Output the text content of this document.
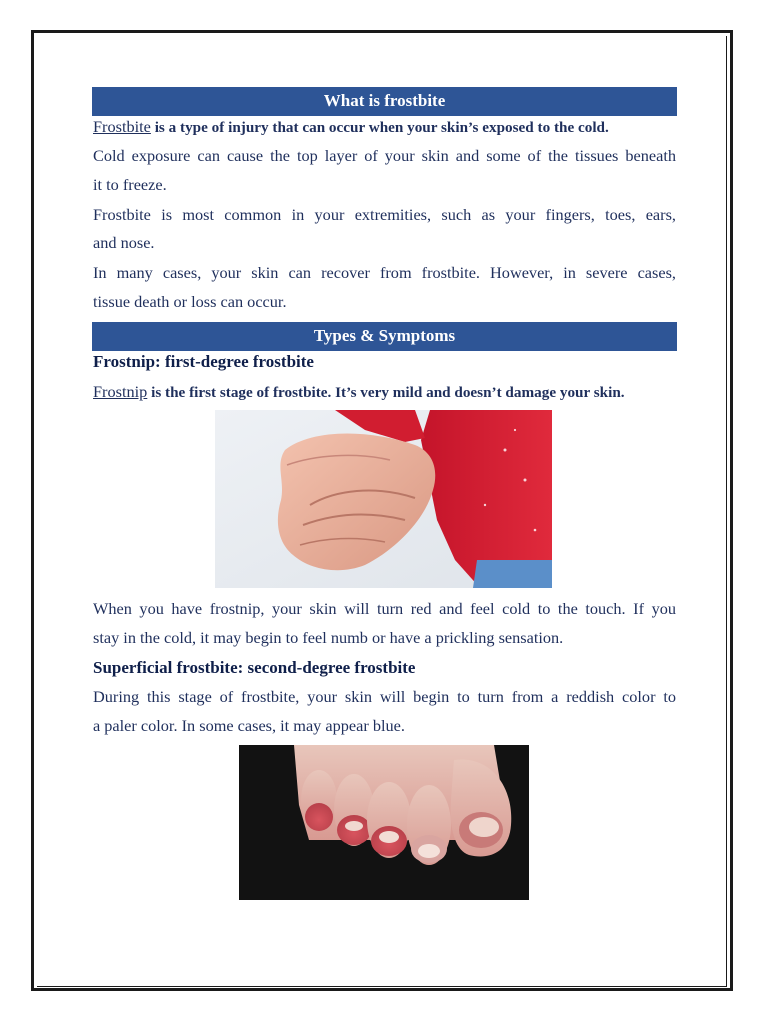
What is frostbite
Frostbite is a type of injury that can occur when your skin’s exposed to the cold.
Cold exposure can cause the top layer of your skin and some of the tissues beneath
it to freeze.
Frostbite is most common in your extremities, such as your fingers, toes, ears,
and nose.
In many cases, your skin can recover from frostbite. However, in severe cases,
tissue death or loss can occur.
Types & Symptoms
Frostnip: first-degree frostbite
Frostnip is the first stage of frostbite. It’s very mild and doesn’t damage your skin.
When you have frostnip, your skin will turn red and feel cold to the touch. If you
stay in the cold, it may begin to feel numb or have a prickling sensation.
Superficial frostbite: second-degree frostbite
During this stage of frostbite, your skin will begin to turn from a reddish color to
a paler color. In some cases, it may appear blue.
